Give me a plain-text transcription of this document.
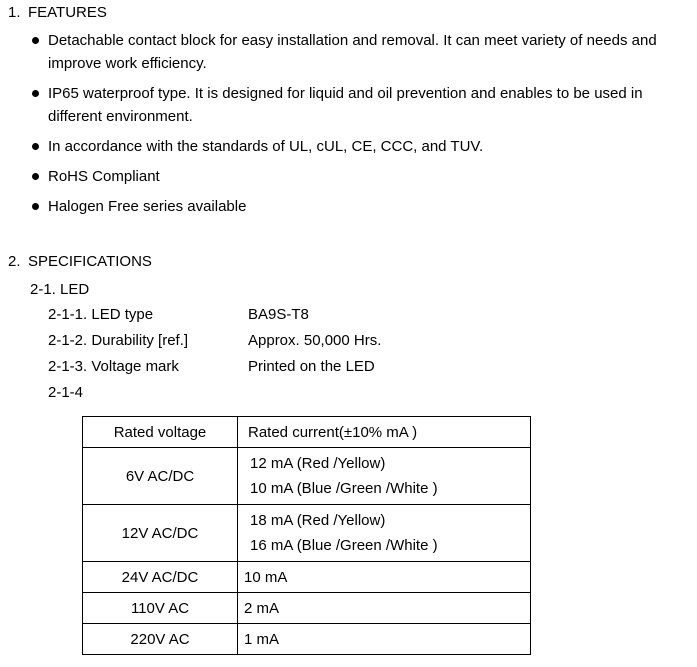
1. FEATURES
Detachable contact block for easy installation and removal. It can meet variety of needs and improve work efficiency.
IP65 waterproof type. It is designed for liquid and oil prevention and enables to be used in different environment.
In accordance with the standards of UL, cUL, CE, CCC, and TUV.
RoHS Compliant
Halogen Free series available
2. SPECIFICATIONS
2-1. LED
2-1-1. LED type	BA9S-T8
2-1-2. Durability [ref.]	Approx. 50,000 Hrs.
2-1-3. Voltage mark	Printed on the LED
2-1-4
Rated voltage	Rated current(±10% mA )
6V AC/DC	12 mA (Red /Yellow)
10 mA (Blue /Green /White )

12V AC/DC	18 mA (Red /Yellow)
16 mA (Blue /Green /White )

24V AC/DC	10 mA
110V AC	2 mA
220V AC	1 mA
